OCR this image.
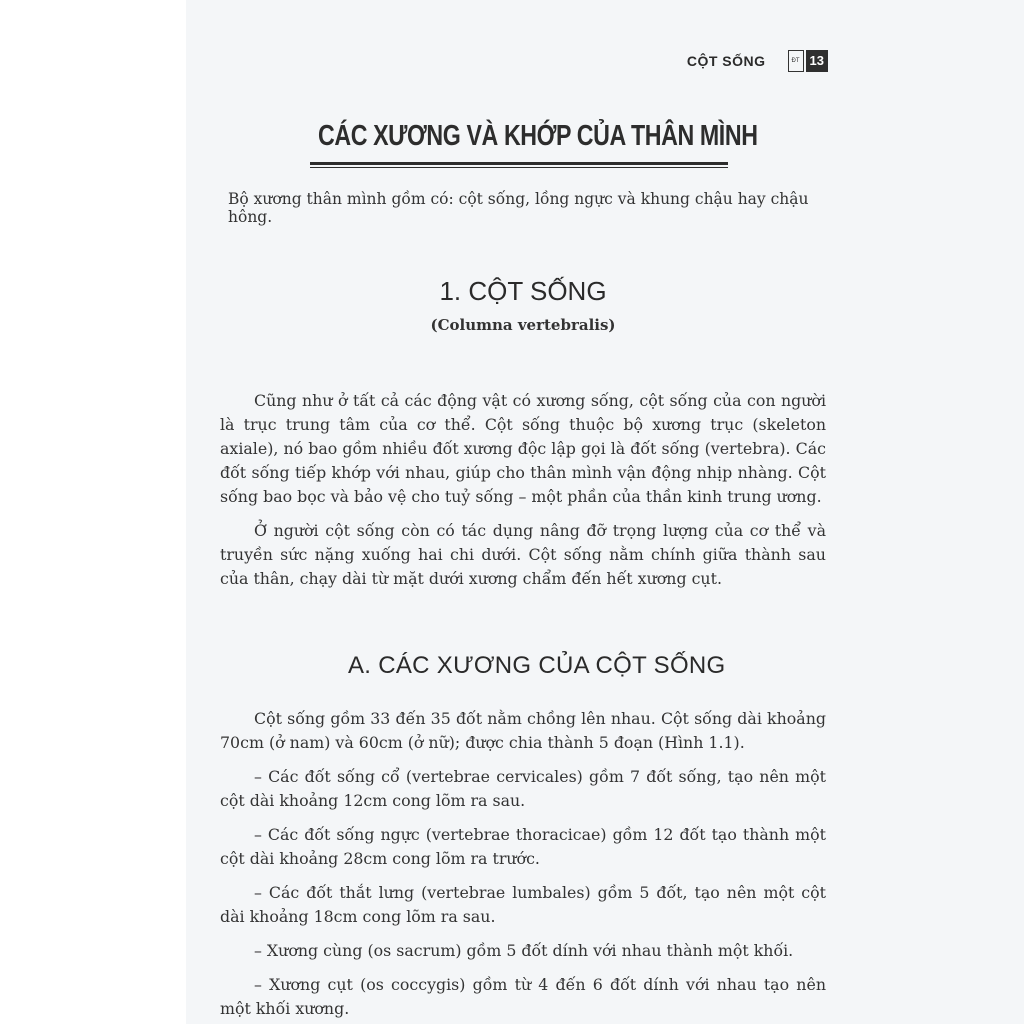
CỘT SỐNG	ĐT 13
CÁC XƯƠNG VÀ KHỚP CỦA THÂN MÌNH
Bộ xương thân mình gồm có: cột sống, lồng ngực và khung chậu hay chậu hông.
1. CỘT SỐNG
(Columna vertebralis)

Cũng như ở tất cả các động vật có xương sống, cột sống của con người là trục trung tâm của cơ thể. Cột sống thuộc bộ xương trục (skeleton axiale), nó bao gồm nhiều đốt xương độc lập gọi là đốt sống (vertebra). Các đốt sống tiếp khớp với nhau, giúp cho thân mình vận động nhịp nhàng. Cột sống bao bọc và bảo vệ cho tuỷ sống – một phần của thần kinh trung ương.

Ở người cột sống còn có tác dụng nâng đỡ trọng lượng của cơ thể và truyền sức nặng xuống hai chi dưới. Cột sống nằm chính giữa thành sau của thân, chạy dài từ mặt dưới xương chẩm đến hết xương cụt.

A. CÁC XƯƠNG CỦA CỘT SỐNG

Cột sống gồm 33 đến 35 đốt nằm chồng lên nhau. Cột sống dài khoảng 70cm (ở nam) và 60cm (ở nữ); được chia thành 5 đoạn (Hình 1.1).

– Các đốt sống cổ (vertebrae cervicales) gồm 7 đốt sống, tạo nên một cột dài khoảng 12cm cong lõm ra sau.

– Các đốt sống ngực (vertebrae thoracicae) gồm 12 đốt tạo thành một cột dài khoảng 28cm cong lõm ra trước.

– Các đốt thắt lưng (vertebrae lumbales) gồm 5 đốt, tạo nên một cột dài khoảng 18cm cong lõm ra sau.

– Xương cùng (os sacrum) gồm 5 đốt dính với nhau thành một khối.

– Xương cụt (os coccygis) gồm từ 4 đến 6 đốt dính với nhau tạo nên một khối xương.
